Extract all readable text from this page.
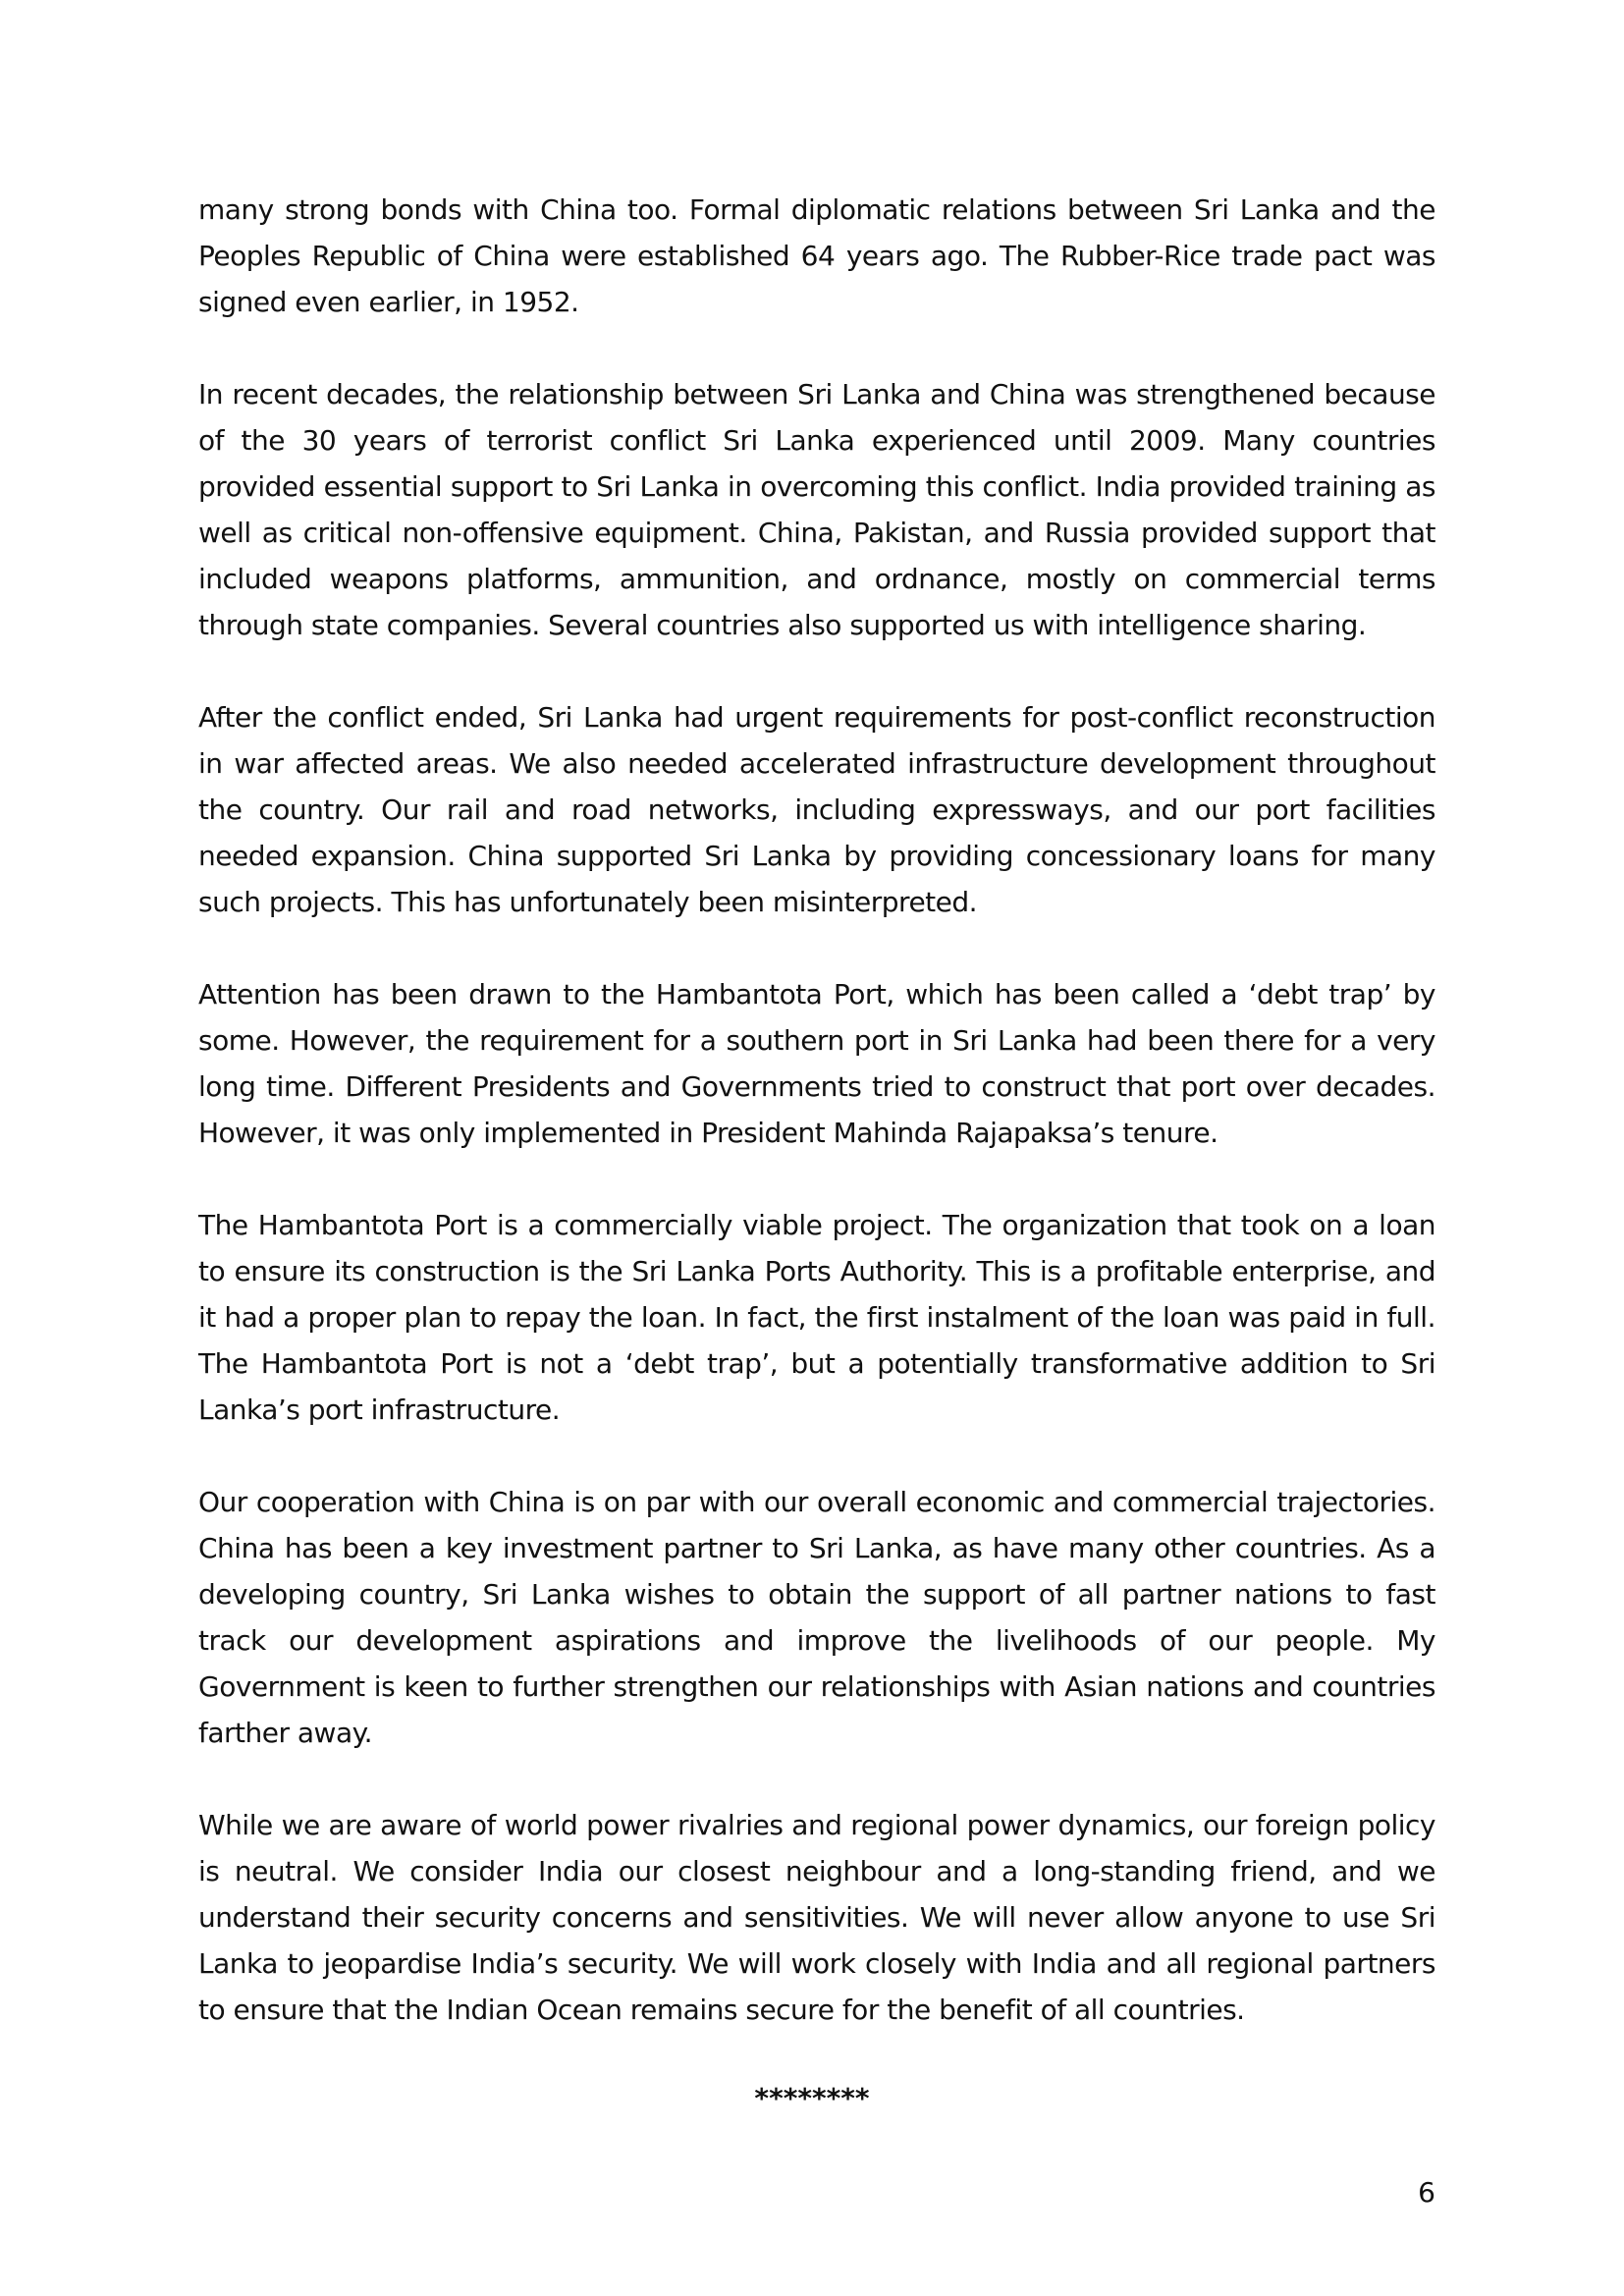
many strong bonds with China too. Formal diplomatic relations between Sri Lanka and the Peoples Republic of China were established 64 years ago. The Rubber-Rice trade pact was signed even earlier, in 1952.

In recent decades, the relationship between Sri Lanka and China was strengthened because of the 30 years of terrorist conflict Sri Lanka experienced until 2009. Many countries provided essential support to Sri Lanka in overcoming this conflict. India provided training as well as critical non-offensive equipment. China, Pakistan, and Russia provided support that included weapons platforms, ammunition, and ordnance, mostly on commercial terms through state companies. Several countries also supported us with intelligence sharing.

After the conflict ended, Sri Lanka had urgent requirements for post-conflict reconstruction in war affected areas. We also needed accelerated infrastructure development throughout the country. Our rail and road networks, including expressways, and our port facilities needed expansion. China supported Sri Lanka by providing concessionary loans for many such projects. This has unfortunately been misinterpreted.

Attention has been drawn to the Hambantota Port, which has been called a ‘debt trap’ by some. However, the requirement for a southern port in Sri Lanka had been there for a very long time. Different Presidents and Governments tried to construct that port over decades. However, it was only implemented in President Mahinda Rajapaksa’s tenure.

The Hambantota Port is a commercially viable project. The organization that took on a loan to ensure its construction is the Sri Lanka Ports Authority. This is a profitable enterprise, and it had a proper plan to repay the loan. In fact, the first instalment of the loan was paid in full. The Hambantota Port is not a ‘debt trap’, but a potentially transformative addition to Sri Lanka’s port infrastructure.

Our cooperation with China is on par with our overall economic and commercial trajectories. China has been a key investment partner to Sri Lanka, as have many other countries. As a developing country, Sri Lanka wishes to obtain the support of all partner nations to fast track our development aspirations and improve the livelihoods of our people. My Government is keen to further strengthen our relationships with Asian nations and countries farther away.

While we are aware of world power rivalries and regional power dynamics, our foreign policy is neutral. We consider India our closest neighbour and a long-standing friend, and we understand their security concerns and sensitivities. We will never allow anyone to use Sri Lanka to jeopardise India’s security. We will work closely with India and all regional partners to ensure that the Indian Ocean remains secure for the benefit of all countries.

********
6
